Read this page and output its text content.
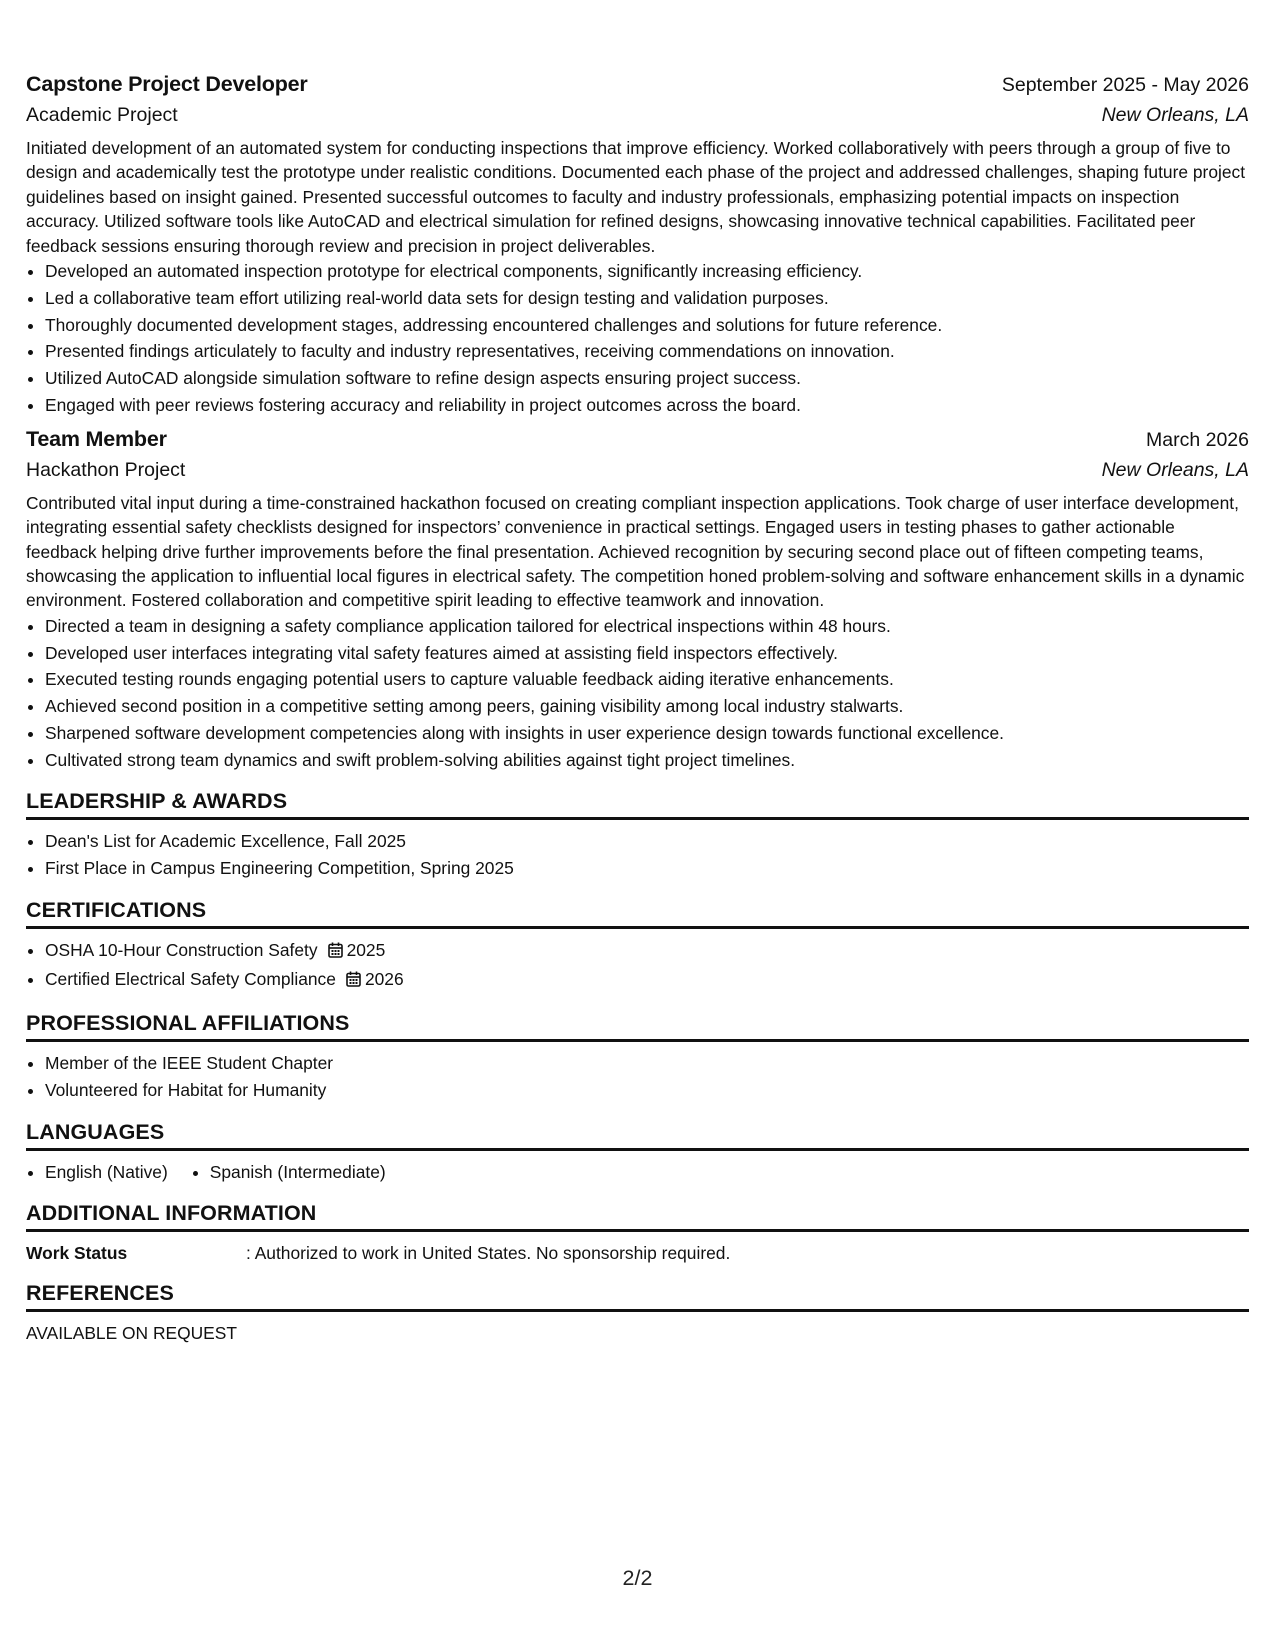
Capstone Project Developer	September 2025 - May 2026
Academic Project	New Orleans, LA

Initiated development of an automated system for conducting inspections that improve efficiency. Worked collaboratively with peers through a group of five to design and academically test the prototype under realistic conditions. Documented each phase of the project and addressed challenges, shaping future project guidelines based on insight gained. Presented successful outcomes to faculty and industry professionals, emphasizing potential impacts on inspection accuracy. Utilized software tools like AutoCAD and electrical simulation for refined designs, showcasing innovative technical capabilities. Facilitated peer feedback sessions ensuring thorough review and precision in project deliverables.

• Developed an automated inspection prototype for electrical components, significantly increasing efficiency.
• Led a collaborative team effort utilizing real-world data sets for design testing and validation purposes.
• Thoroughly documented development stages, addressing encountered challenges and solutions for future reference.
• Presented findings articulately to faculty and industry representatives, receiving commendations on innovation.
• Utilized AutoCAD alongside simulation software to refine design aspects ensuring project success.
• Engaged with peer reviews fostering accuracy and reliability in project outcomes across the board.
Team Member	March 2026
Hackathon Project	New Orleans, LA

Contributed vital input during a time-constrained hackathon focused on creating compliant inspection applications. Took charge of user interface development, integrating essential safety checklists designed for inspectors’ convenience in practical settings. Engaged users in testing phases to gather actionable feedback helping drive further improvements before the final presentation. Achieved recognition by securing second place out of fifteen competing teams, showcasing the application to influential local figures in electrical safety. The competition honed problem-solving and software enhancement skills in a dynamic environment. Fostered collaboration and competitive spirit leading to effective teamwork and innovation.

• Directed a team in designing a safety compliance application tailored for electrical inspections within 48 hours.
• Developed user interfaces integrating vital safety features aimed at assisting field inspectors effectively.
• Executed testing rounds engaging potential users to capture valuable feedback aiding iterative enhancements.
• Achieved second position in a competitive setting among peers, gaining visibility among local industry stalwarts.
• Sharpened software development competencies along with insights in user experience design towards functional excellence.
• Cultivated strong team dynamics and swift problem-solving abilities against tight project timelines.
LEADERSHIP & AWARDS
• Dean's List for Academic Excellence, Fall 2025
• First Place in Campus Engineering Competition, Spring 2025
CERTIFICATIONS
• OSHA 10-Hour Construction Safety 2025
• Certified Electrical Safety Compliance 2026
PROFESSIONAL AFFILIATIONS
• Member of the IEEE Student Chapter
• Volunteered for Habitat for Humanity
LANGUAGES
• English (Native)
• Spanish (Intermediate)
ADDITIONAL INFORMATION
Work Status	: Authorized to work in United States. No sponsorship required.
REFERENCES
AVAILABLE ON REQUEST
2/2
